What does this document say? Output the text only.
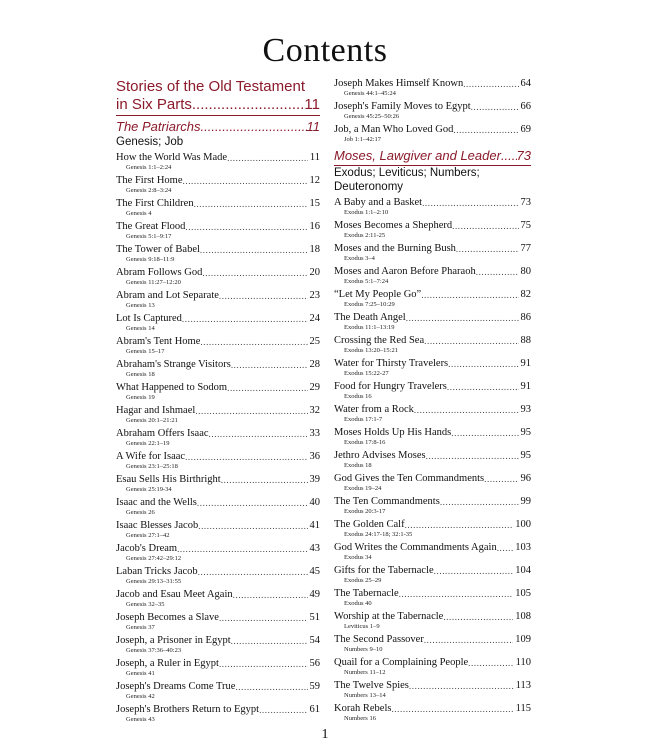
Contents
Stories of the Old Testament
in Six Parts .....	11
The Patriarchs .....	11
Genesis; Job
How the World Was Made .....	11
Genesis 1:1–2:24
The First Home .....	12
Genesis 2:8–3:24
The First Children .....	15
Genesis 4
The Great Flood .....	16
Genesis 5:1–9:17
The Tower of Babel .....	18
Genesis 9:18–11:9
Abram Follows God .....	20
Genesis 11:27–12:20
Abram and Lot Separate .....	23
Genesis 13
Lot Is Captured .....	24
Genesis 14
Abram's Tent Home .....	25
Genesis 15–17
Abraham's Strange Visitors .....	28
Genesis 18
What Happened to Sodom .....	29
Genesis 19
Hagar and Ishmael .....	32
Genesis 20:1–21:21
Abraham Offers Isaac .....	33
Genesis 22:1–19
A Wife for Isaac .....	36
Genesis 23:1–25:18
Esau Sells His Birthright .....	39
Genesis 25:19-34
Isaac and the Wells .....	40
Genesis 26
Isaac Blesses Jacob .....	41
Genesis 27:1–42
Jacob's Dream .....	43
Genesis 27:42–29:12
Laban Tricks Jacob .....	45
Genesis 29:13–31:55
Jacob and Esau Meet Again .....	49
Genesis 32–35
Joseph Becomes a Slave .....	51
Genesis 37
Joseph, a Prisoner in Egypt .....	54
Genesis 37:36–40:23
Joseph, a Ruler in Egypt .....	56
Genesis 41
Joseph's Dreams Come True .....	59
Genesis 42
Joseph's Brothers Return to Egypt .....	61
Genesis 43
Joseph Makes Himself Known .....	64
Genesis 44:1–45:24
Joseph's Family Moves to Egypt .....	66
Genesis 45:25–50:26
Job, a Man Who Loved God .....	69
Job 1:1–42:17
Moses, Lawgiver and Leader ..... 73
Exodus; Leviticus; Numbers; Deuteronomy
A Baby and a Basket .....	73
Exodus 1:1–2:10
Moses Becomes a Shepherd .....	75
Exodus 2:11-25
Moses and the Burning Bush .....	77
Exodus 3–4
Moses and Aaron Before Pharaoh .....	80
Exodus 5:1–7:24
“Let My People Go” .....	82
Exodus 7:25–10:29
The Death Angel .....	86
Exodus 11:1–13:19
Crossing the Red Sea .....	88
Exodus 13:20–15:21
Water for Thirsty Travelers .....	91
Exodus 15:22-27
Food for Hungry Travelers .....	91
Exodus 16
Water from a Rock .....	93
Exodus 17:1-7
Moses Holds Up His Hands .....	95
Exodus 17:8-16
Jethro Advises Moses .....	95
Exodus 18
God Gives the Ten Commandments .....	96
Exodus 19–24
The Ten Commandments .....	99
Exodus 20:3-17
The Golden Calf .....	100
Exodus 24:17-18; 32:1-35
God Writes the Commandments Again ..... 103
Exodus 34
Gifts for the Tabernacle .....	104
Exodus 25–29
The Tabernacle .....	105
Exodus 40
Worship at the Tabernacle .....	108
Leviticus 1–9
The Second Passover .....	109
Numbers 9–10
Quail for a Complaining People .....	110
Numbers 11–12
The Twelve Spies .....	113
Numbers 13–14
Korah Rebels .....	115
Numbers 16
1
